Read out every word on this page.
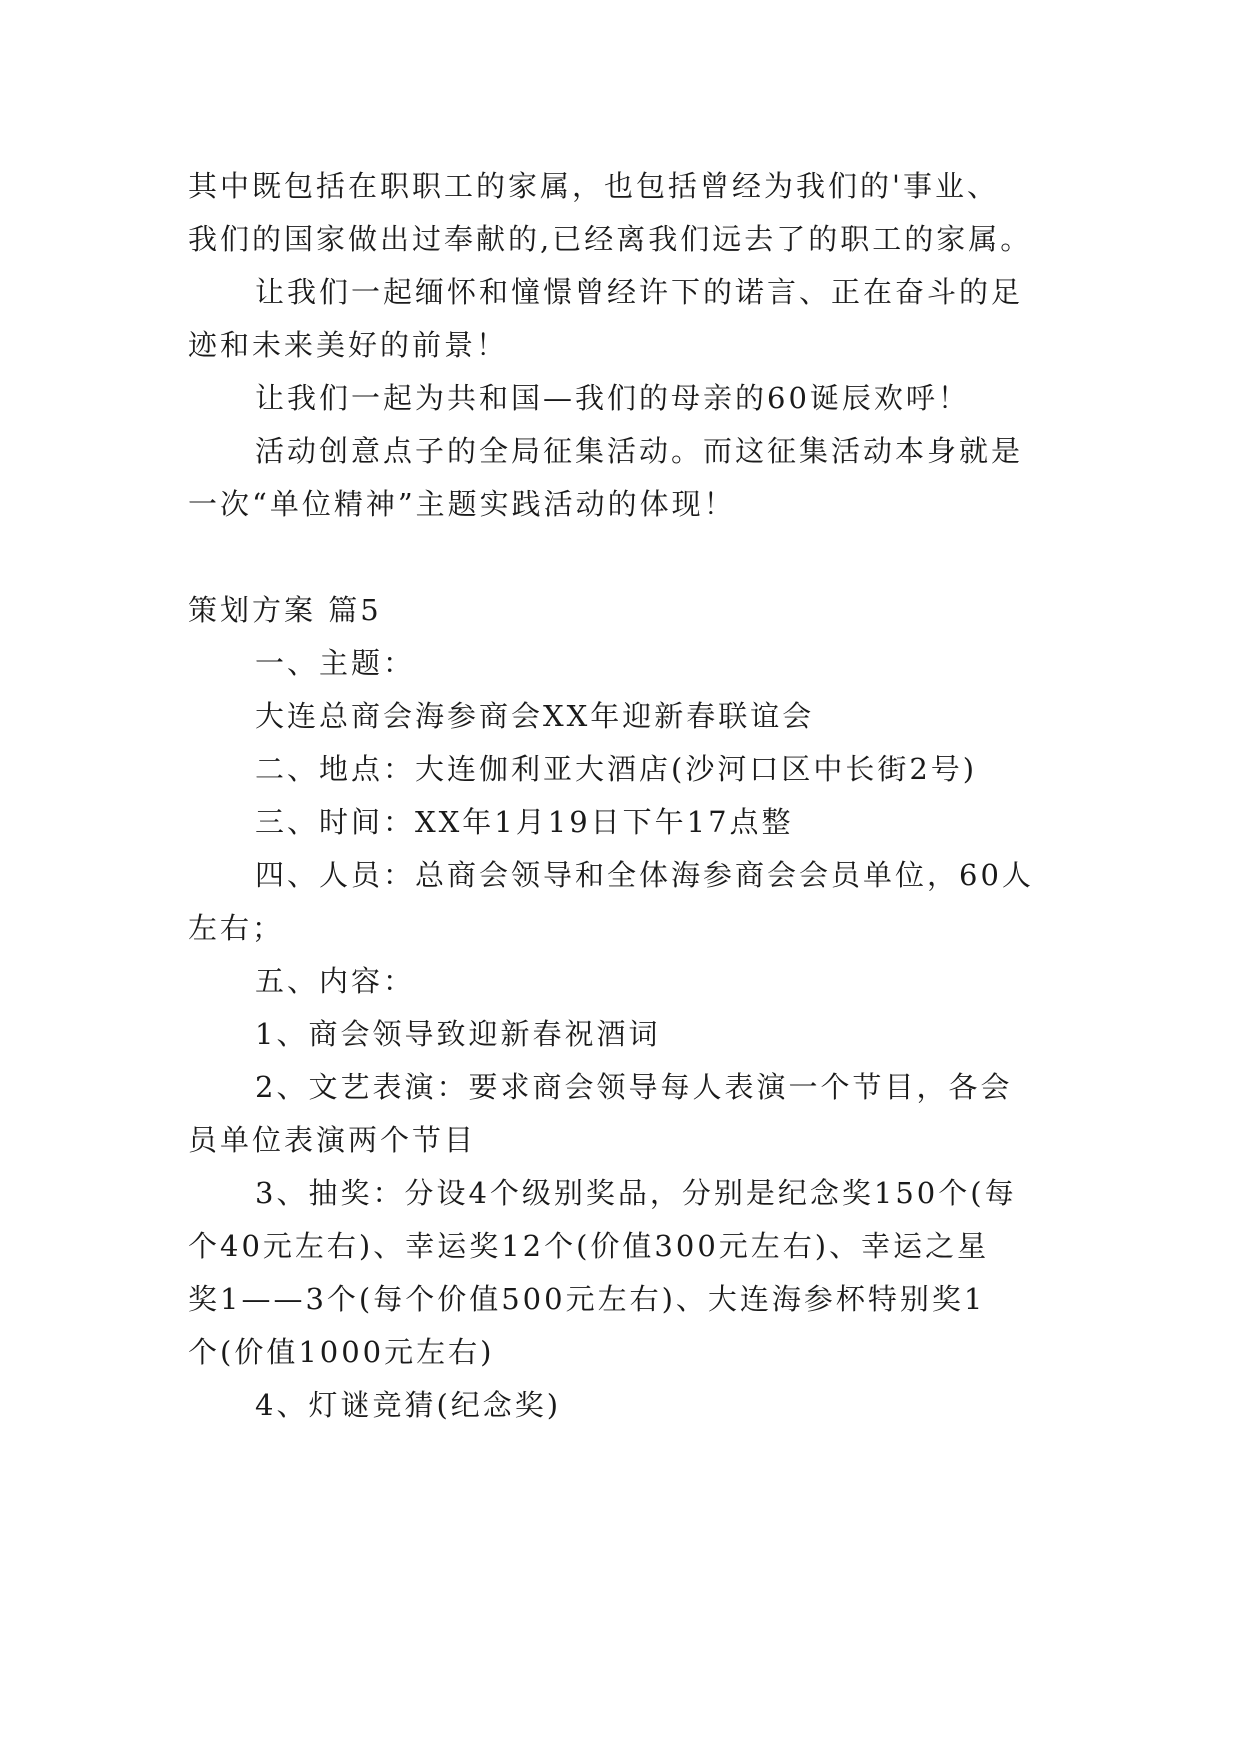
其中既包括在职职工的家属，也包括曾经为我们的'事业、
我们的国家做出过奉献的,已经离我们远去了的职工的家属。
让我们一起缅怀和憧憬曾经许下的诺言、正在奋斗的足
迹和未来美好的前景！
让我们一起为共和国—我们的母亲的60诞辰欢呼！
活动创意点子的全局征集活动。而这征集活动本身就是
一次“单位精神”主题实践活动的体现！
策划方案 篇5
一、主题：
大连总商会海参商会XX年迎新春联谊会
二、地点：大连伽利亚大酒店(沙河口区中长街2号)
三、时间：XX年1月19日下午17点整
四、人员：总商会领导和全体海参商会会员单位，60人
左右；
五、内容：
1、商会领导致迎新春祝酒词
2、文艺表演：要求商会领导每人表演一个节目，各会
员单位表演两个节目
3、抽奖：分设4个级别奖品，分别是纪念奖150个(每
个40元左右)、幸运奖12个(价值300元左右)、幸运之星
奖1——3个(每个价值500元左右)、大连海参杯特别奖1
个(价值1000元左右)
4、灯谜竞猜(纪念奖)
